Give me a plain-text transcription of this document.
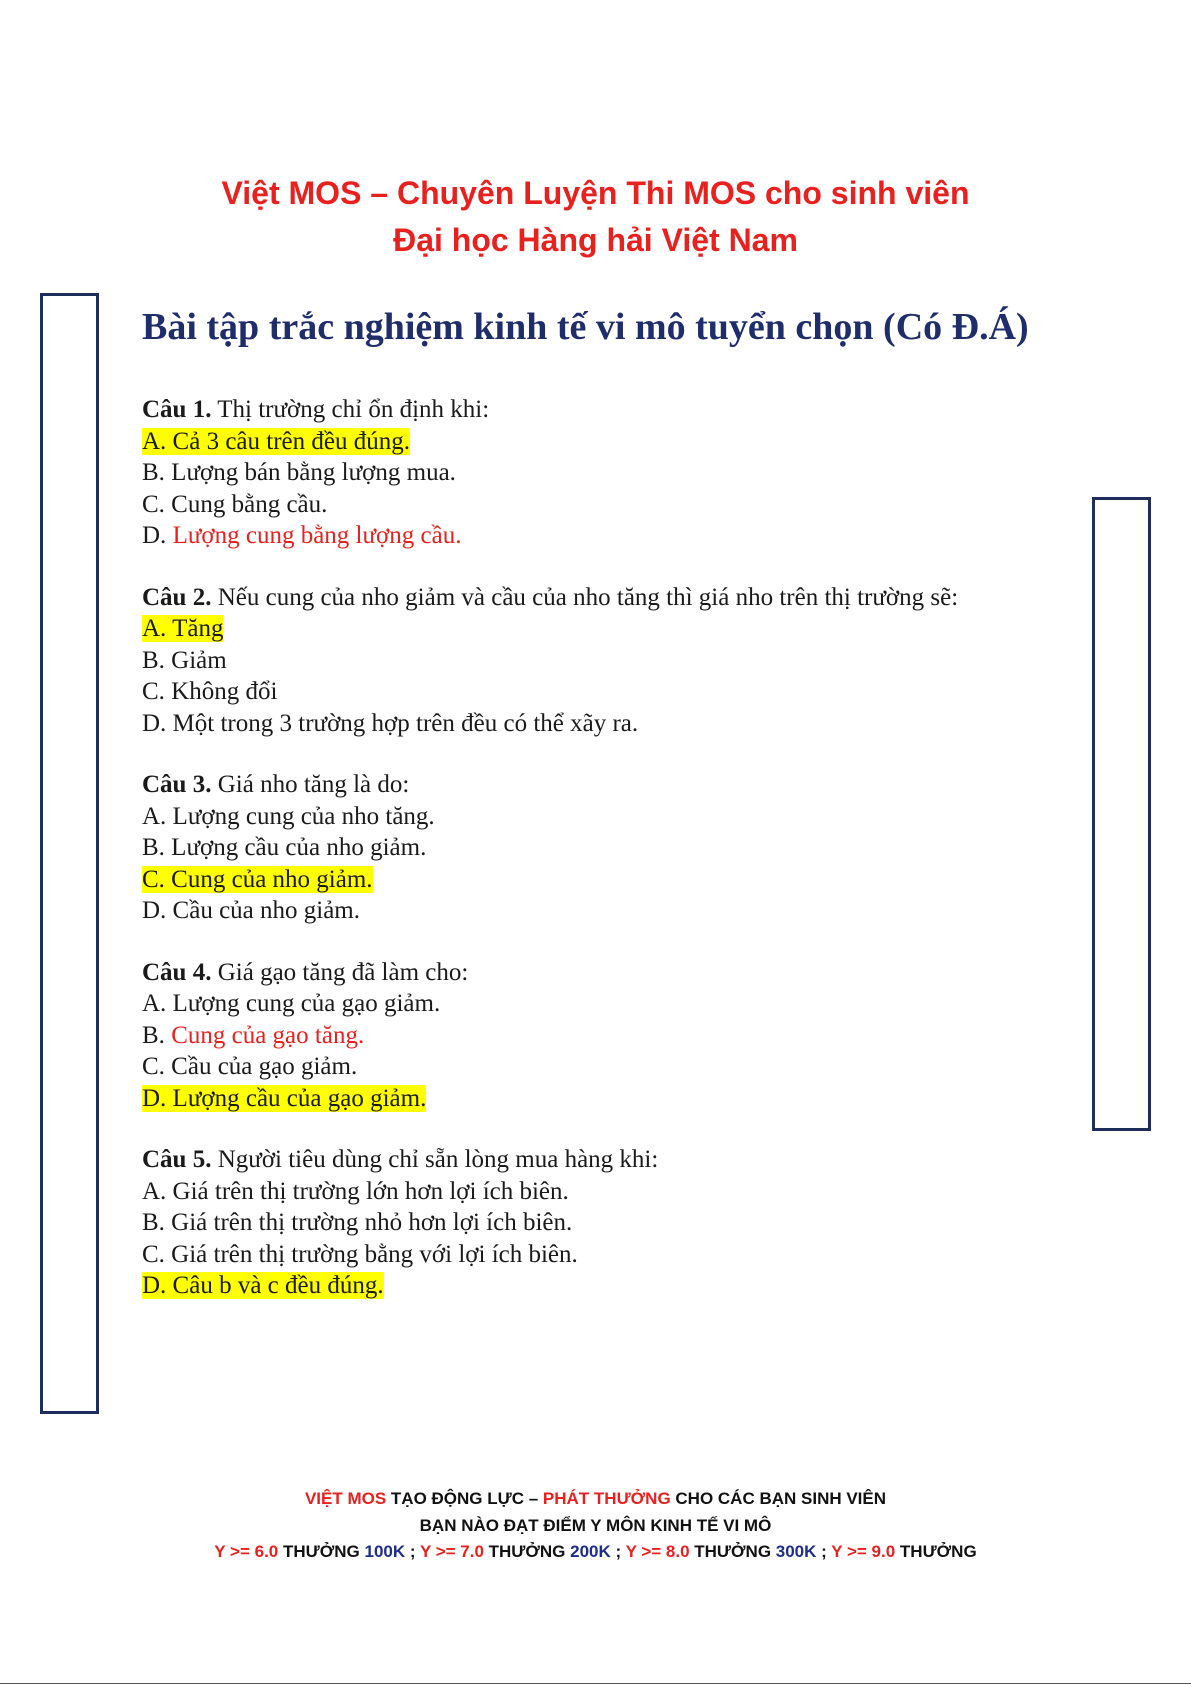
Việt MOS – Chuyên Luyện Thi MOS cho sinh viên
Đại học Hàng hải Việt Nam
Bài tập trắc nghiệm kinh tế vi mô tuyển chọn (Có Đ.Á)
Câu 1. Thị trường chỉ ổn định khi:
A. Cả 3 câu trên đều đúng.
B. Lượng bán bằng lượng mua.
C. Cung bằng cầu.
D. Lượng cung bằng lượng cầu.
Câu 2. Nếu cung của nho giảm và cầu của nho tăng thì giá nho trên thị trường sẽ:
A. Tăng
B. Giảm
C. Không đổi
D. Một trong 3 trường hợp trên đều có thể xãy ra.
Câu 3. Giá nho tăng là do:
A. Lượng cung của nho tăng.
B. Lượng cầu của nho giảm.
C. Cung của nho giảm.
D. Cầu của nho giảm.
Câu 4. Giá gạo tăng đã làm cho:
A. Lượng cung của gạo giảm.
B. Cung của gạo tăng.
C. Cầu của gạo giảm.
D. Lượng cầu của gạo giảm.
Câu 5. Người tiêu dùng chỉ sẵn lòng mua hàng khi:
A. Giá trên thị trường lớn hơn lợi ích biên.
B. Giá trên thị trường nhỏ hơn lợi ích biên.
C. Giá trên thị trường bằng với lợi ích biên.
D. Câu b và c đều đúng.
VIỆT MOS TẠO ĐỘNG LỰC – PHÁT THƯỞNG CHO CÁC BẠN SINH VIÊN
BẠN NÀO ĐẠT ĐIỂM Y MÔN KINH TẾ VI MÔ
Y >= 6.0 THƯỞNG 100K ; Y >= 7.0 THƯỞNG 200K ; Y >= 8.0 THƯỞNG 300K ; Y >= 9.0 THƯỞNG
